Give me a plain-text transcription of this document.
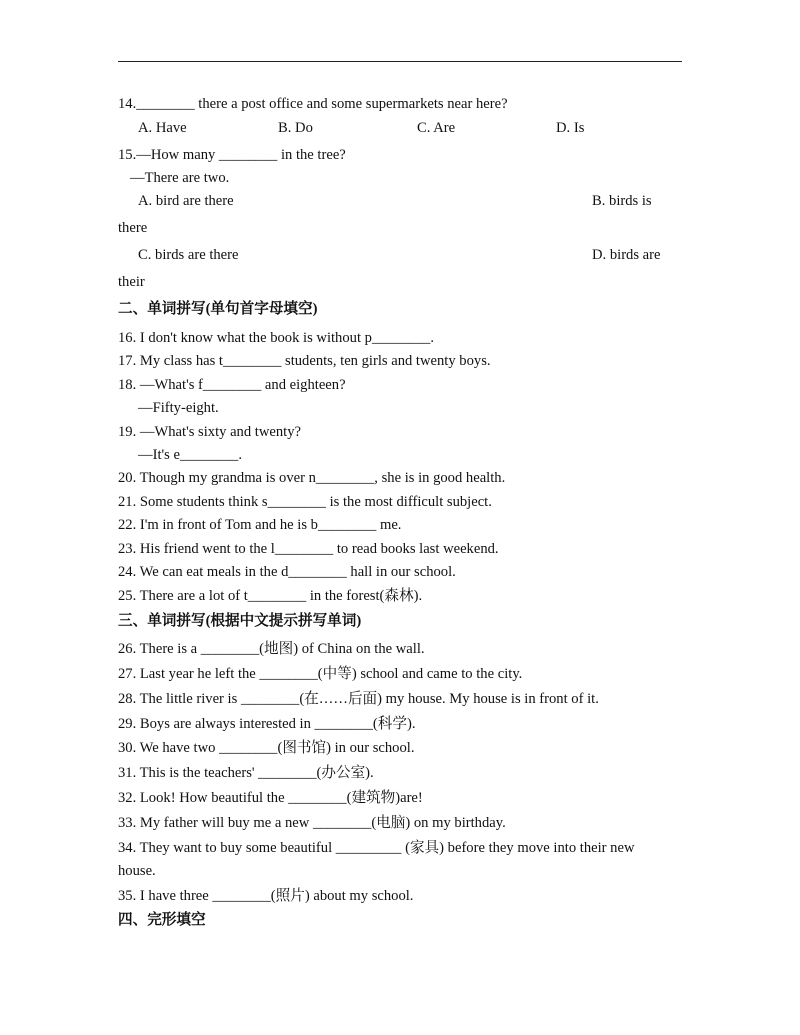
14.________ there a post office and some supermarkets near here?
A. Have	B. Do	C. Are	D. Is
15.—How many ________ in the tree?
—There are two.
A. bird are there	B. birds is
there
C. birds are there	D. birds are
their
二、单词拼写(单句首字母填空)
16. I don't know what the book is without p________.
17. My class has t________ students, ten girls and twenty boys.
18. —What's f________ and eighteen?
—Fifty-eight.
19. —What's sixty and twenty?
—It's e________.
20. Though my grandma is over n________, she is in good health.
21. Some students think s________ is the most difficult subject.
22. I'm in front of Tom and he is b________ me.
23. His friend went to the l________ to read books last weekend.
24. We can eat meals in the d________ hall in our school.
25. There are a lot of t________ in the forest(森林).
三、单词拼写(根据中文提示拼写单词)
26. There is a ________(地图) of China on the wall.
27. Last year he left the ________(中等) school and came to the city.
28. The little river is ________(在……后面) my house. My house is in front of it.
29. Boys are always interested in ________(科学).
30. We have two ________(图书馆) in our school.
31. This is the teachers' ________(办公室).
32. Look! How beautiful the ________(建筑物)are!
33. My father will buy me a new ________(电脑) on my birthday.
34. They want to buy some beautiful _________ (家具) before they move into their new
house.
35. I have three ________(照片) about my school.
四、完形填空
